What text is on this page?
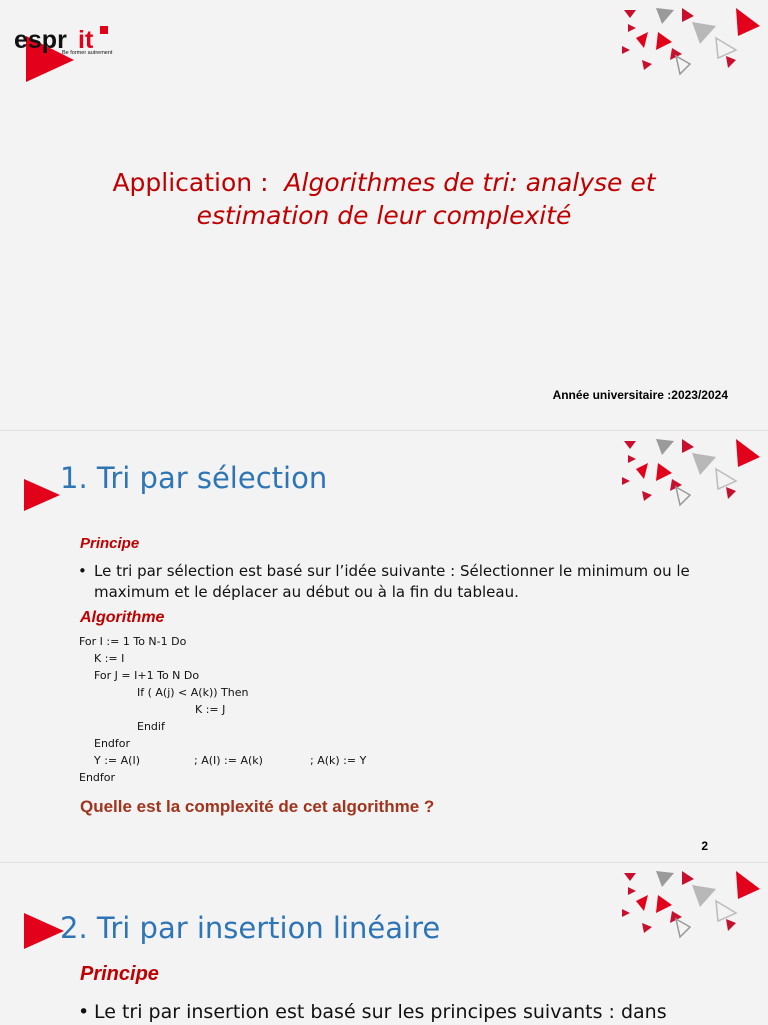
espr it
Be former autrement
Application : Algorithmes de tri: analyse et
estimation de leur complexité
Année universitaire :2023/2024
1. Tri par sélection
Principe
• Le tri par sélection est basé sur l’idée suivante : Sélectionner le minimum ou le maximum et le déplacer au début ou à la fin du tableau.
Algorithme
For I := 1 To N-1 Do
K := I
For J = I+1 To N Do
If ( A(j) < A(k)) Then
K := J
Endif
Endfor
Y := A(I)	; A(I) := A(k)	; A(k) := Y
Endfor
Quelle est la complexité de cet algorithme ?
2
2. Tri par insertion linéaire
Principe
• Le tri par insertion est basé sur les principes suivants : dans
